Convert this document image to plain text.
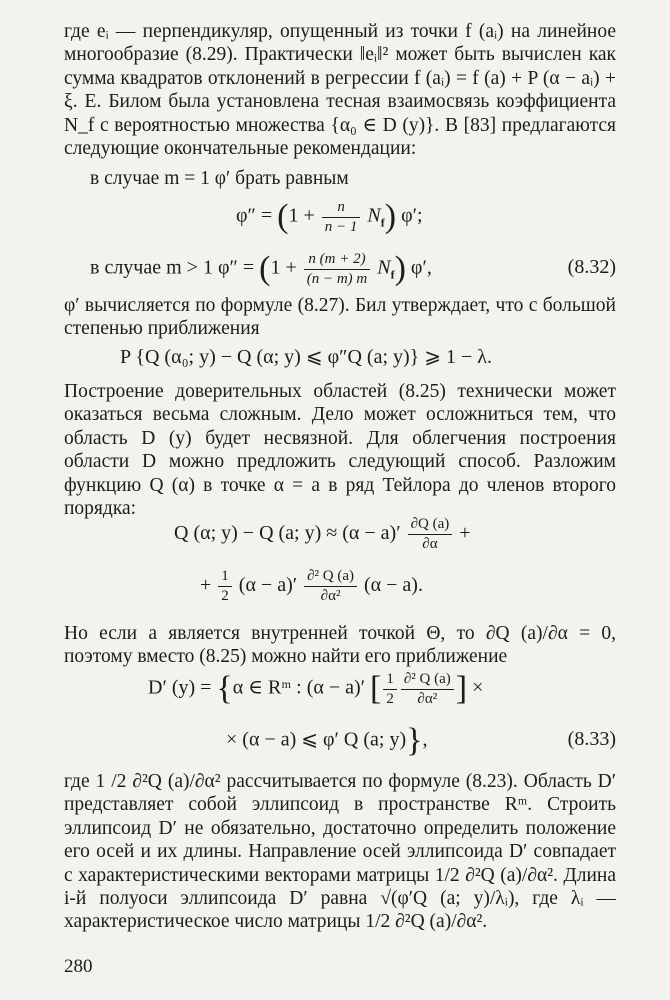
где eᵢ — перпендикуляр, опущенный из точки f (aᵢ) на линейное многообразие (8.29). Практически ‖eᵢ‖² может быть вычислен как сумма квадратов отклонений в регрессии f (aᵢ) = f (a) + P (α − aᵢ) + ξ. Е. Билом была установлена тесная взаимосвязь коэффициента N_f с вероятностью множества {α₀ ∈ D (y)}. В [83] предлагаются следующие окончательные рекомендации:
в случае m = 1 φ′ брать равным
$\varphi'' = (1 + \frac{n}{n - 1} N_f)$ φ′;
в случае m > 1 $\varphi'' = (1 + \frac{n (m + 2)}{(n - m) m} N_f)$ φ′,	(8.32)
φ′ вычисляется по формуле (8.27). Бил утверждает, что с большой степенью приближения
P {Q (α₀; y) − Q (α; y) ⩽ φ″Q (a; y)} ⩾ 1 − λ.
Построение доверительных областей (8.25) технически может оказаться весьма сложным. Дело может осложниться тем, что область D (y) будет несвязной. Для облегчения построения области D можно предложить следующий способ. Разложим функцию Q (α) в точке α = a в ряд Тейлора до членов второго порядка:
Q (α; y) − Q (a; $y) \approx (\alpha - a)' \frac{\partial Q (a)}{\partial\alpha}$ +
+ $\frac{1}{2} (\alpha - a)' \frac{\text{∂² Q (a)}}{\text{∂α²}} (\alpha - a)$.
Но если a является внутренней точкой Θ, то ∂Q (a)/∂α = 0, поэтому вместо (8.25) можно найти его приближение
D′ (y) = {α ∈ Rᵐ : (α − a)′ [ $\frac{1}{2} \frac{\text{∂² Q (a)}}{\text{∂α²}}$ ] ×
× (α − a) ⩽ φ′ Q (a; y)},	(8.33)
где 1 /2 ∂²Q (a)/∂α² рассчитывается по формуле (8.23). Область D′ представляет собой эллипсоид в пространстве Rᵐ. Строить эллипсоид D′ не обязательно, достаточно определить положение его осей и их длины. Направление осей эллипсоида D′ совпадает с характеристическими векторами матрицы 1/2 ∂²Q (a)/∂α². Длина i-й полуоси эллипсоида D′ равна √(φ′Q (a; y)/λᵢ), где λᵢ — характеристическое число матрицы 1/2 ∂²Q (a)/∂α².
280
